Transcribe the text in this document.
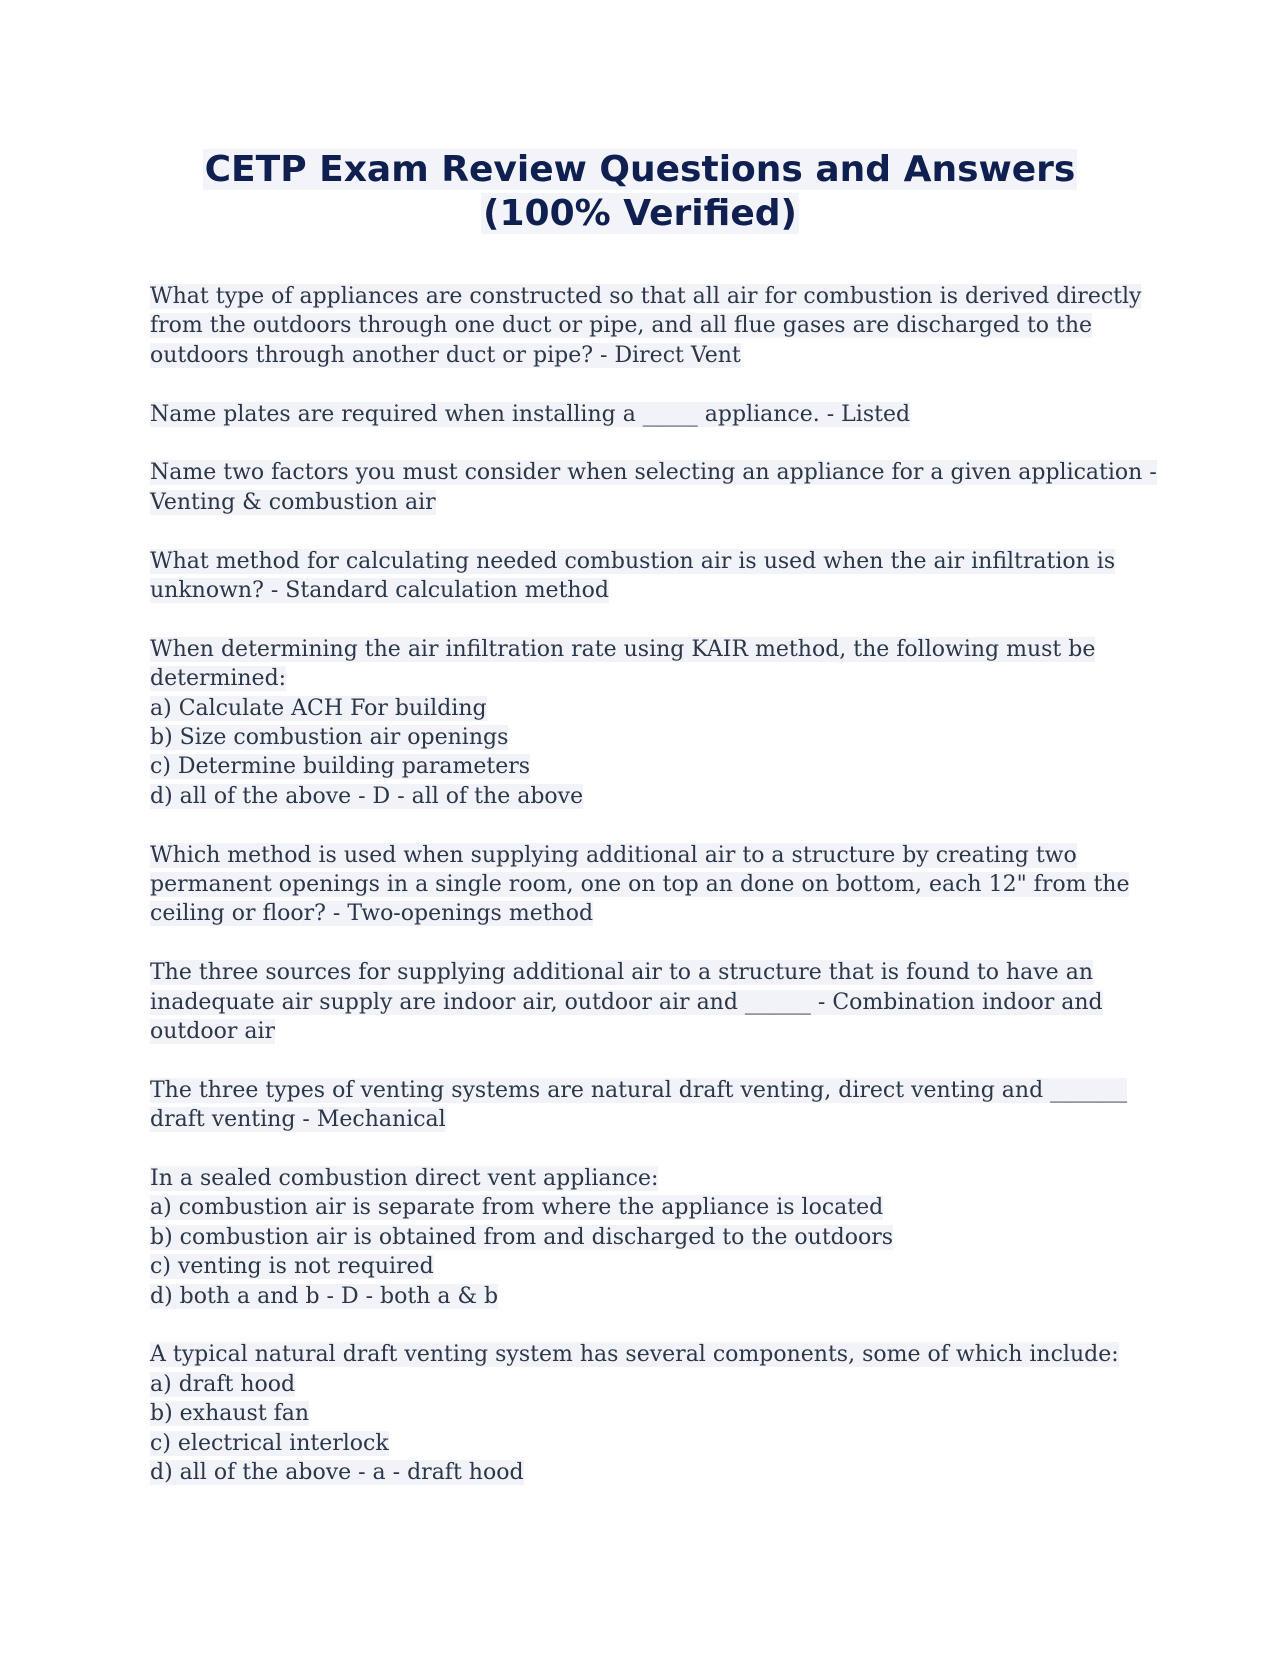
CETP Exam Review Questions and Answers
(100% Verified)
What type of appliances are constructed so that all air for combustion is derived directly
from the outdoors through one duct or pipe, and all flue gases are discharged to the
outdoors through another duct or pipe? - Direct Vent
Name plates are required when installing a _____ appliance. - Listed
Name two factors you must consider when selecting an appliance for a given application -
Venting & combustion air
What method for calculating needed combustion air is used when the air infiltration is
unknown? - Standard calculation method
When determining the air infiltration rate using KAIR method, the following must be
determined:
a) Calculate ACH For building
b) Size combustion air openings
c) Determine building parameters
d) all of the above - D - all of the above
Which method is used when supplying additional air to a structure by creating two
permanent openings in a single room, one on top an done on bottom, each 12" from the
ceiling or floor? - Two-openings method
The three sources for supplying additional air to a structure that is found to have an
inadequate air supply are indoor air, outdoor air and ______ - Combination indoor and
outdoor air
The three types of venting systems are natural draft venting, direct venting and _______
draft venting - Mechanical
In a sealed combustion direct vent appliance:
a) combustion air is separate from where the appliance is located
b) combustion air is obtained from and discharged to the outdoors
c) venting is not required
d) both a and b - D - both a & b
A typical natural draft venting system has several components, some of which include:
a) draft hood
b) exhaust fan
c) electrical interlock
d) all of the above - a - draft hood
